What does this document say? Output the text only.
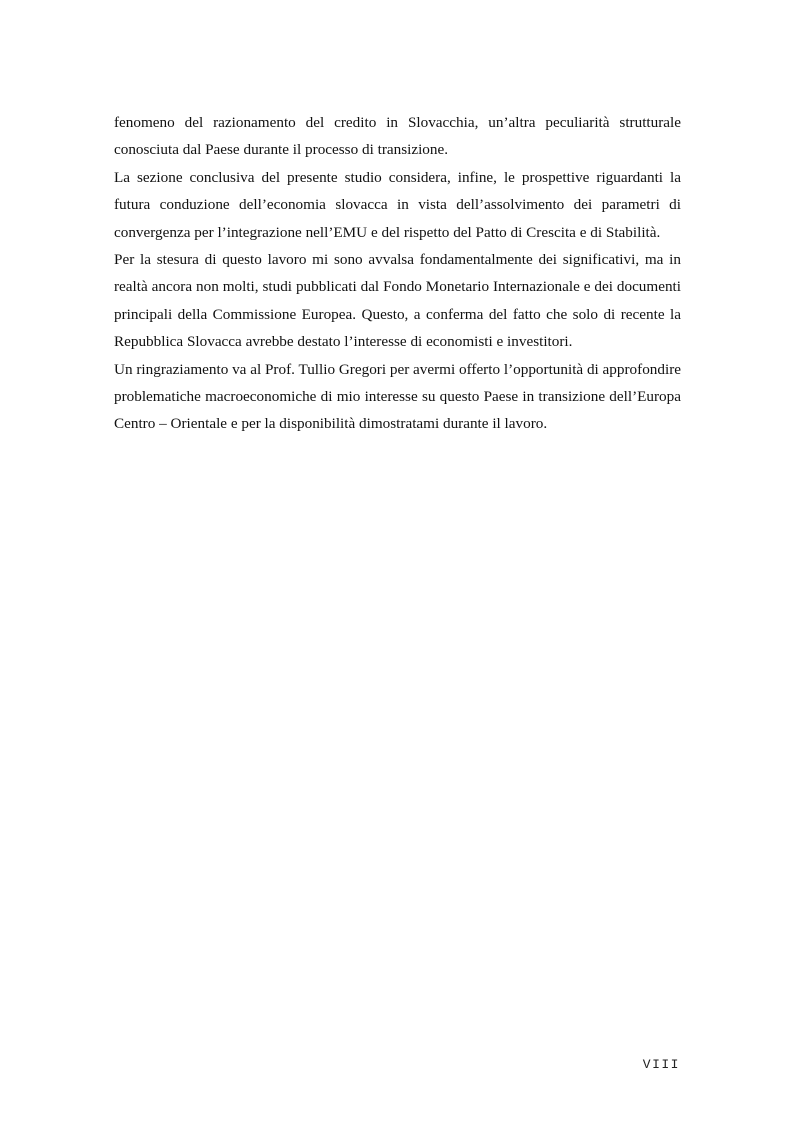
fenomeno del razionamento del credito in Slovacchia, un’altra peculiarità strutturale conosciuta dal Paese durante il processo di transizione.

La sezione conclusiva del presente studio considera, infine, le prospettive riguardanti la futura conduzione dell’economia slovacca in vista dell’assolvimento dei parametri di convergenza per l’integrazione nell’EMU e del rispetto del Patto di Crescita e di Stabilità.

Per la stesura di questo lavoro mi sono avvalsa fondamentalmente dei significativi, ma in realtà ancora non molti, studi pubblicati dal Fondo Monetario Internazionale e dei documenti principali della Commissione Europea. Questo, a conferma del fatto che solo di recente la Repubblica Slovacca avrebbe destato l’interesse di economisti e investitori.

Un ringraziamento va al Prof. Tullio Gregori per avermi offerto l’opportunità di approfondire problematiche macroeconomiche di mio interesse su questo Paese in transizione dell’Europa Centro – Orientale e per la disponibilità dimostratami durante il lavoro.

VIII
